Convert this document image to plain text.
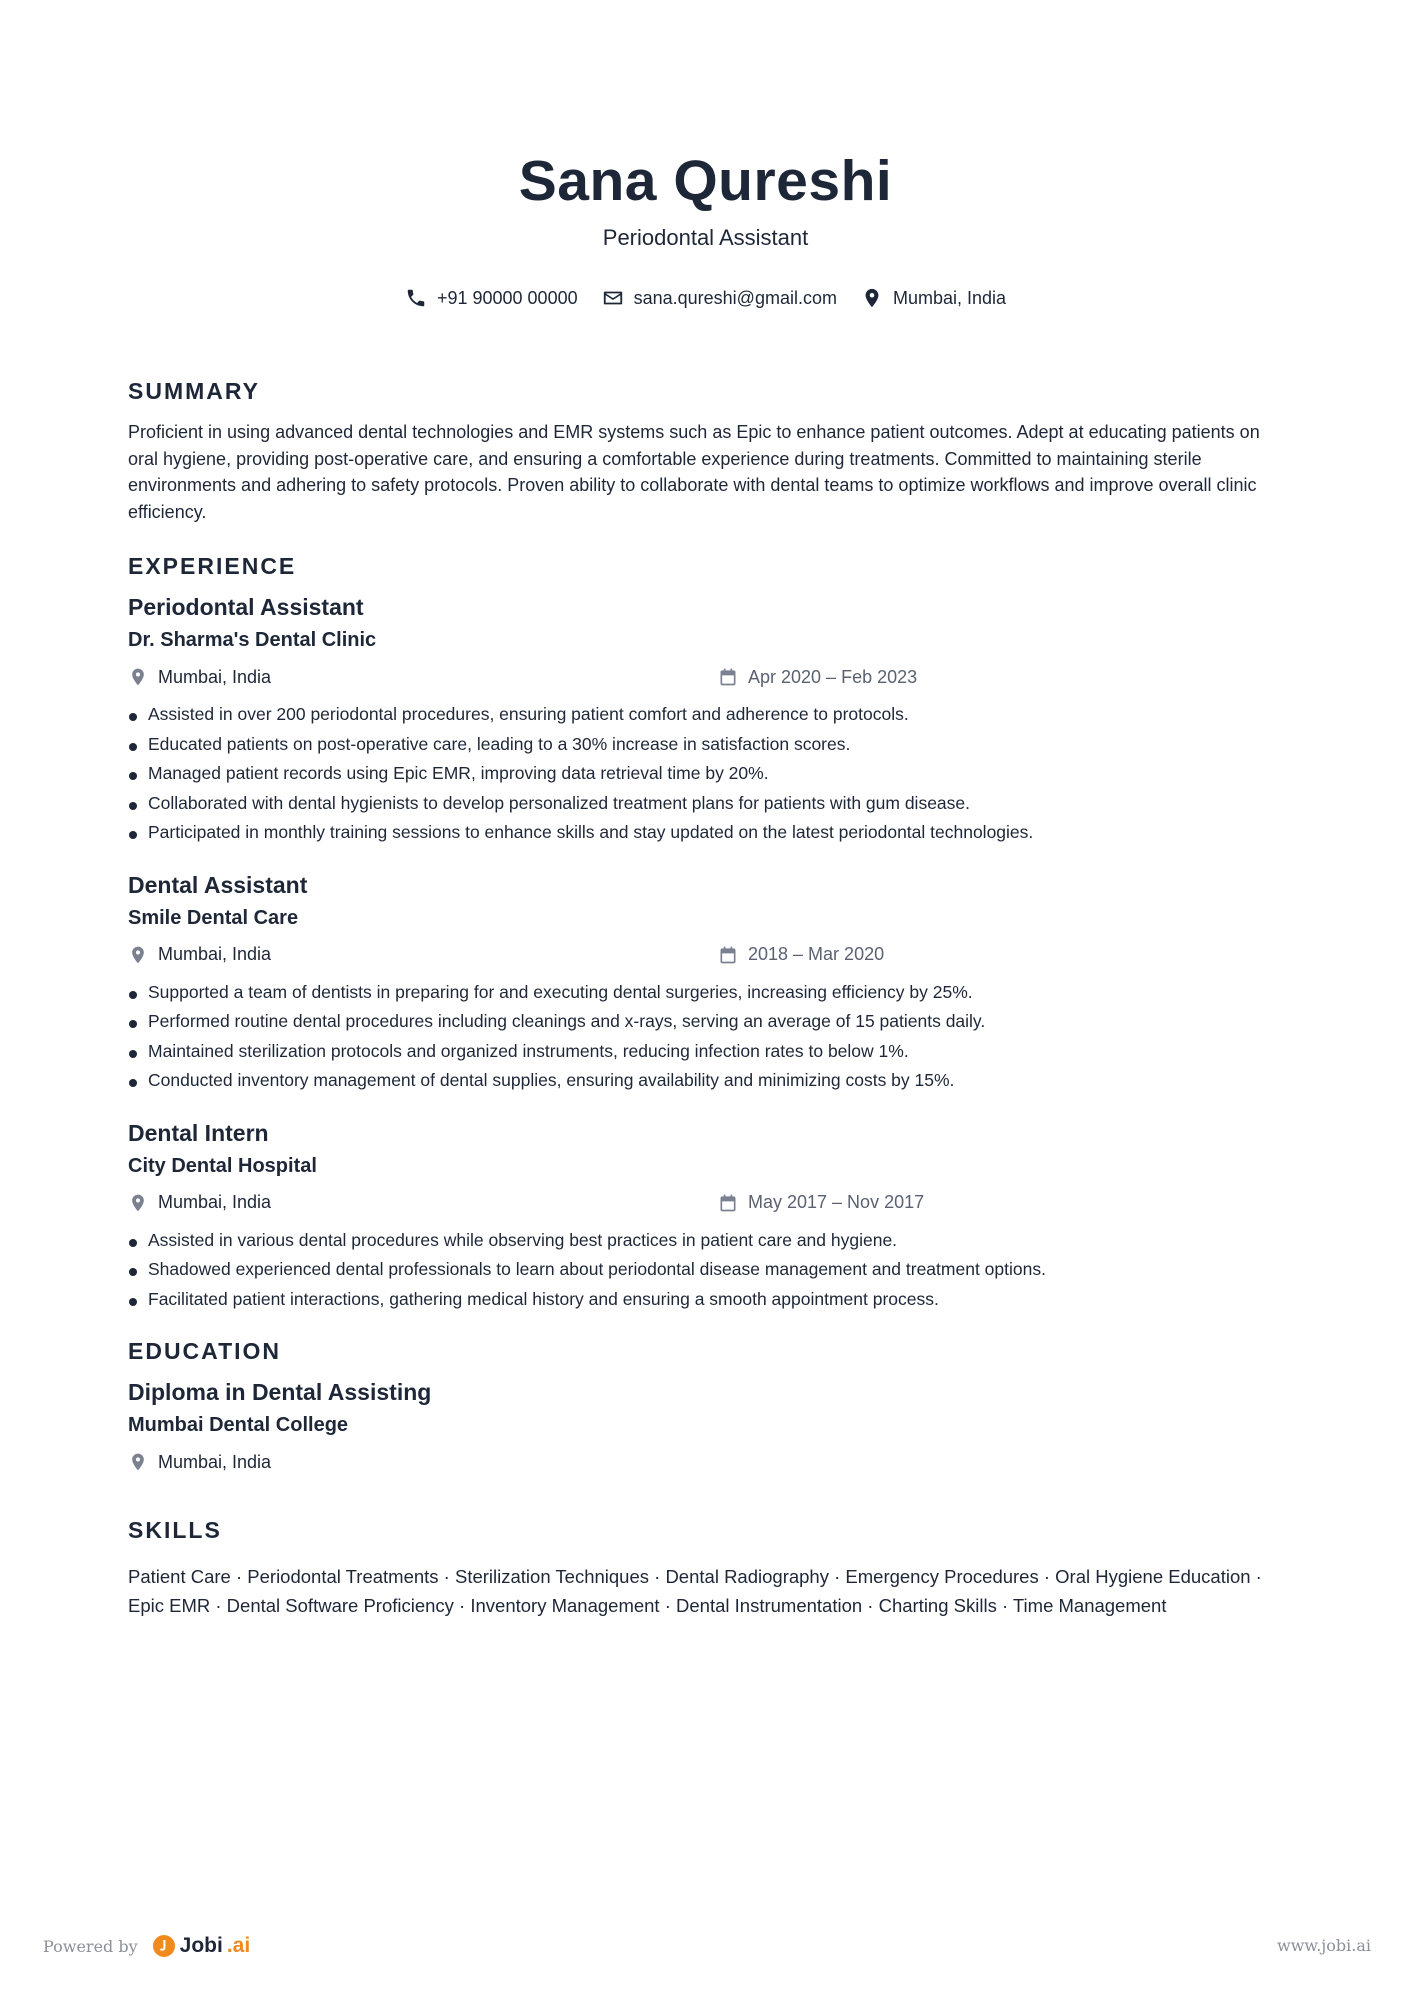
Sana Qureshi
Periodontal Assistant
+91 90000 00000	sana.qureshi@gmail.com	Mumbai, India
SUMMARY
Proficient in using advanced dental technologies and EMR systems such as Epic to enhance patient outcomes. Adept at educating patients on oral hygiene, providing post-operative care, and ensuring a comfortable experience during treatments. Committed to maintaining sterile environments and adhering to safety protocols. Proven ability to collaborate with dental teams to optimize workflows and improve overall clinic efficiency.
EXPERIENCE
Periodontal Assistant
Dr. Sharma's Dental Clinic
Mumbai, India	Apr 2020 – Feb 2023
Assisted in over 200 periodontal procedures, ensuring patient comfort and adherence to protocols.
Educated patients on post-operative care, leading to a 30% increase in satisfaction scores.
Managed patient records using Epic EMR, improving data retrieval time by 20%.
Collaborated with dental hygienists to develop personalized treatment plans for patients with gum disease.
Participated in monthly training sessions to enhance skills and stay updated on the latest periodontal technologies.
Dental Assistant
Smile Dental Care
Mumbai, India	2018 – Mar 2020
Supported a team of dentists in preparing for and executing dental surgeries, increasing efficiency by 25%.
Performed routine dental procedures including cleanings and x-rays, serving an average of 15 patients daily.
Maintained sterilization protocols and organized instruments, reducing infection rates to below 1%.
Conducted inventory management of dental supplies, ensuring availability and minimizing costs by 15%.
Dental Intern
City Dental Hospital
Mumbai, India	May 2017 – Nov 2017
Assisted in various dental procedures while observing best practices in patient care and hygiene.
Shadowed experienced dental professionals to learn about periodontal disease management and treatment options.
Facilitated patient interactions, gathering medical history and ensuring a smooth appointment process.
EDUCATION
Diploma in Dental Assisting
Mumbai Dental College
Mumbai, India
SKILLS
Patient Care · Periodontal Treatments · Sterilization Techniques · Dental Radiography · Emergency Procedures · Oral Hygiene Education · Epic EMR · Dental Software Proficiency · Inventory Management · Dental Instrumentation · Charting Skills · Time Management
Powered by Jobi .ai	www.jobi.ai
